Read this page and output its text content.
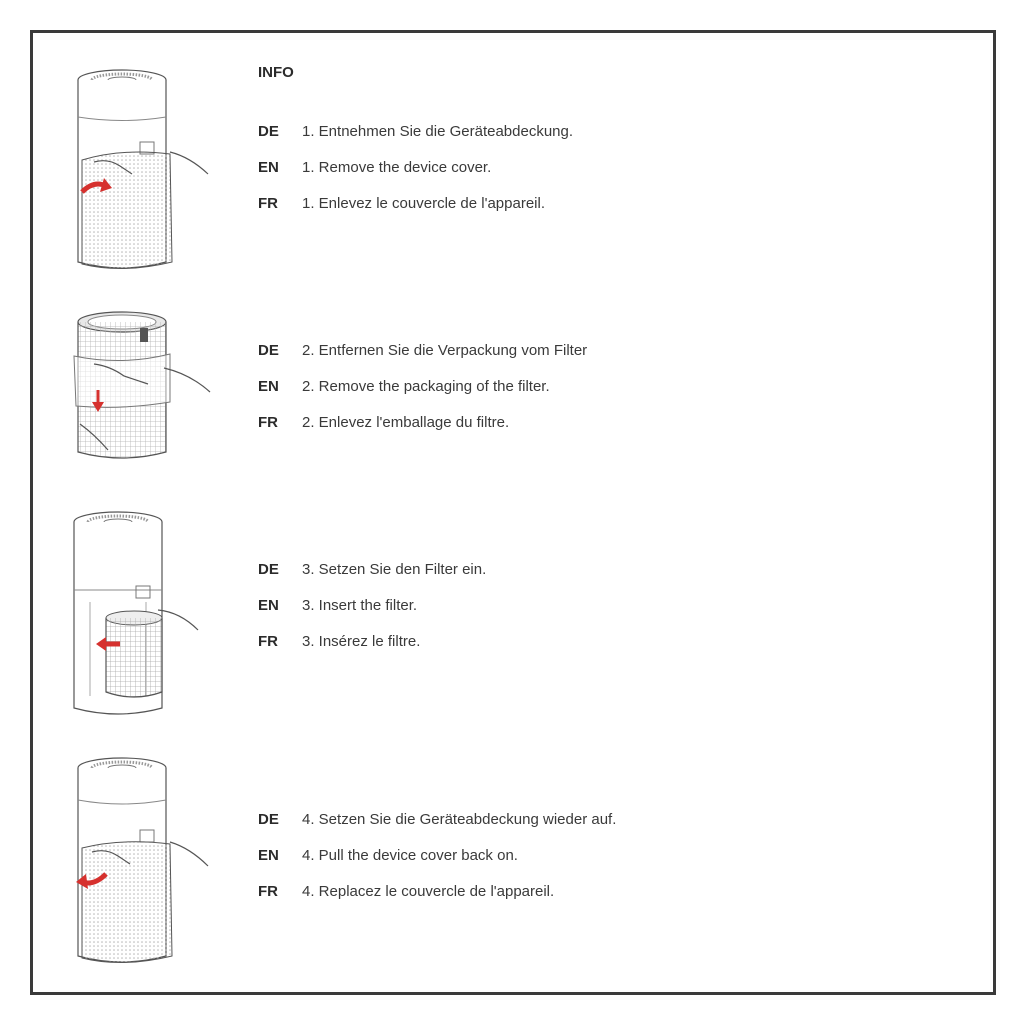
INFO
DE	1. Entnehmen Sie die Geräteabdeckung.
EN	1. Remove the device cover.
FR	1. Enlevez le couvercle de l'appareil.
DE	2. Entfernen Sie die Verpackung vom Filter
EN	2. Remove the packaging of the filter.
FR	2. Enlevez l'emballage du filtre.
DE	3. Setzen Sie den Filter ein.
EN	3. Insert the filter.
FR	3. Insérez le filtre.
DE	4. Setzen Sie die Geräteabdeckung wieder auf.
EN	4. Pull the device cover back on.
FR	4. Replacez le couvercle de l'appareil.
